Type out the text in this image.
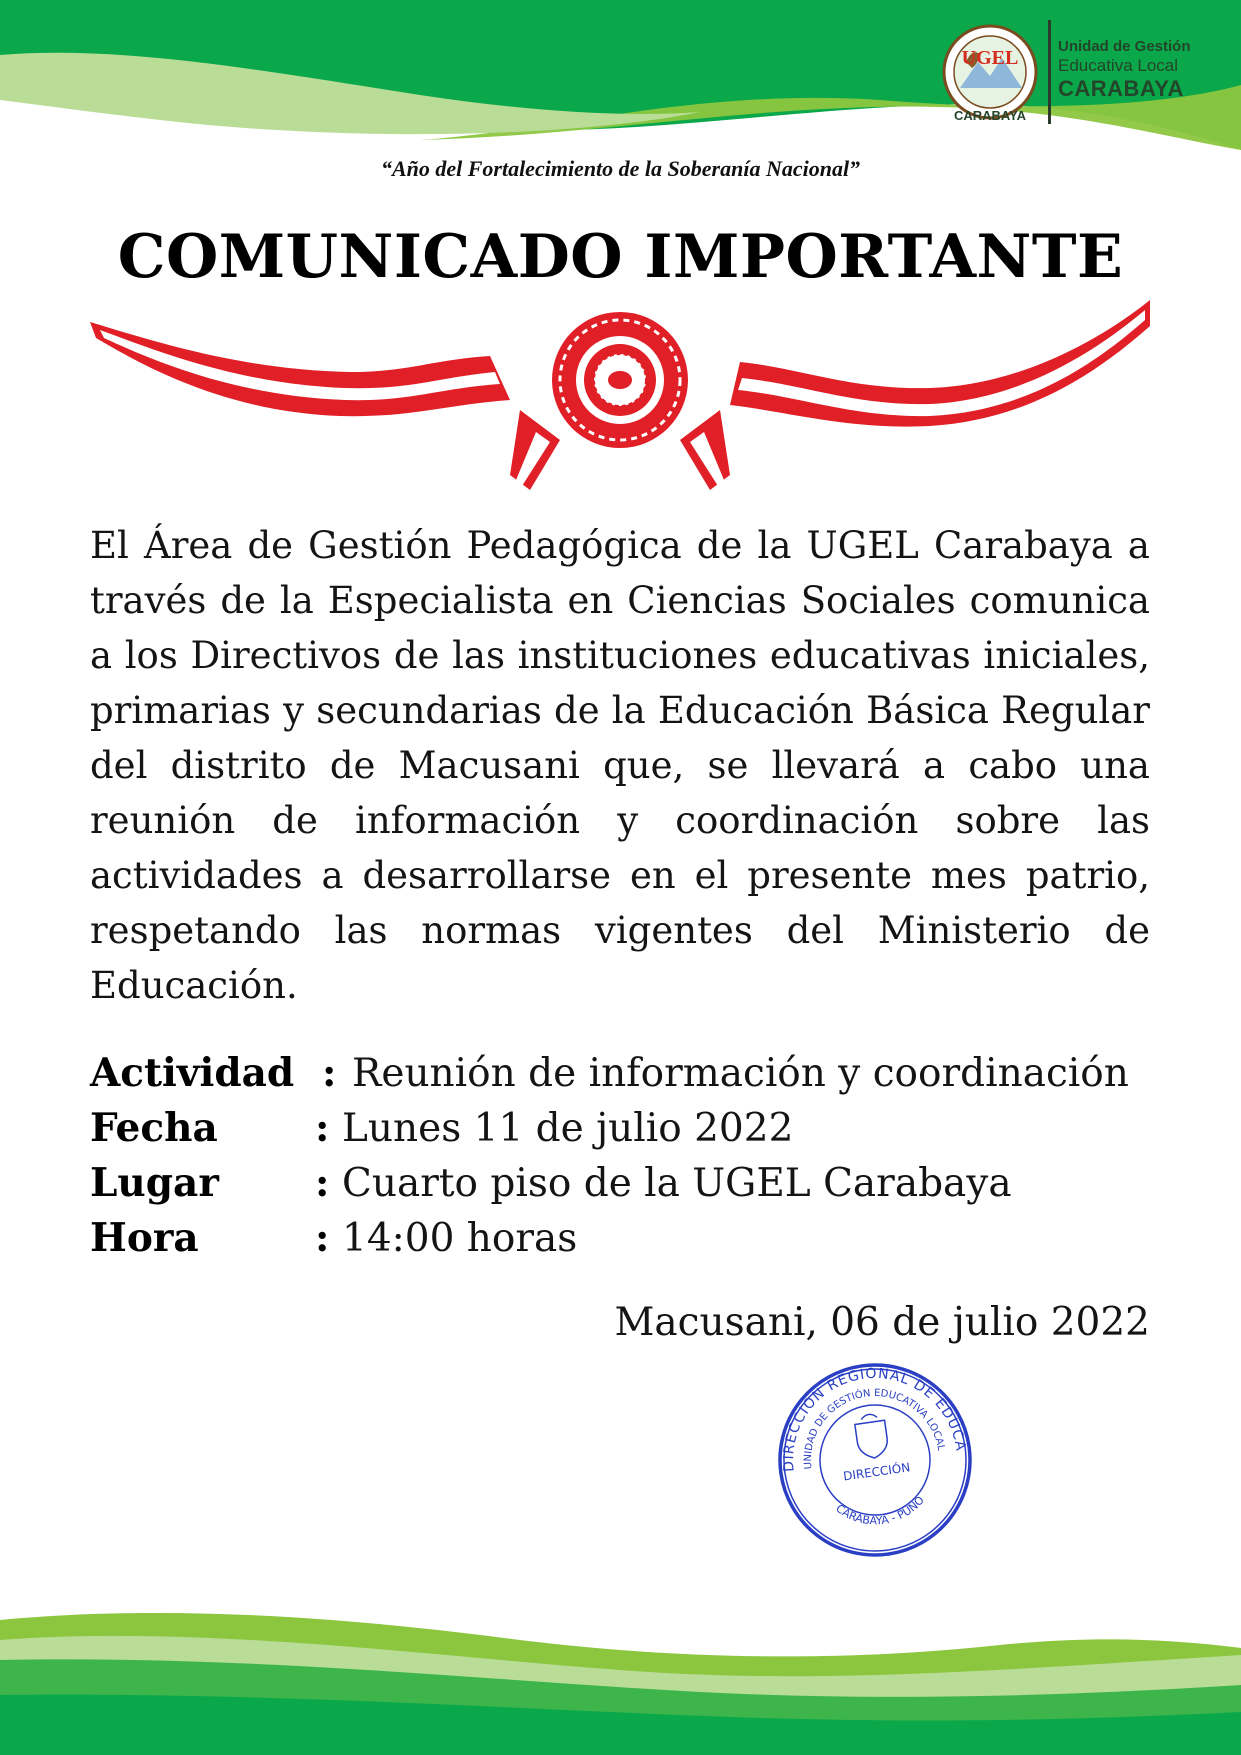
UGEL
CARABAYA
Unidad de Gestión
Educativa Local
CARABAYA
“Año del Fortalecimiento de la Soberanía Nacional”
COMUNICADO IMPORTANTE

El Área de Gestión Pedagógica de la UGEL Carabaya a través de la Especialista en Ciencias Sociales comunica a los Directivos de las instituciones educativas iniciales, primarias y secundarias de la Educación Básica Regular del distrito de Macusani que, se llevará a cabo una reunión de información y coordinación sobre las actividades a desarrollarse en el presente mes patrio, respetando las normas vigentes del Ministerio de Educación.

Actividad : Reunión de información y coordinación
Fecha : Lunes 11 de julio 2022
Lugar : Cuarto piso de la UGEL Carabaya
Hora	: 14:00 horas
Macusani, 06 de julio 2022
DIRECCIÓN REGIONAL DE EDUCACIÓN
UNIDAD DE GESTIÓN EDUCATIVA LOCAL
DIRECCIÓN
CARABAYA - PUNO
